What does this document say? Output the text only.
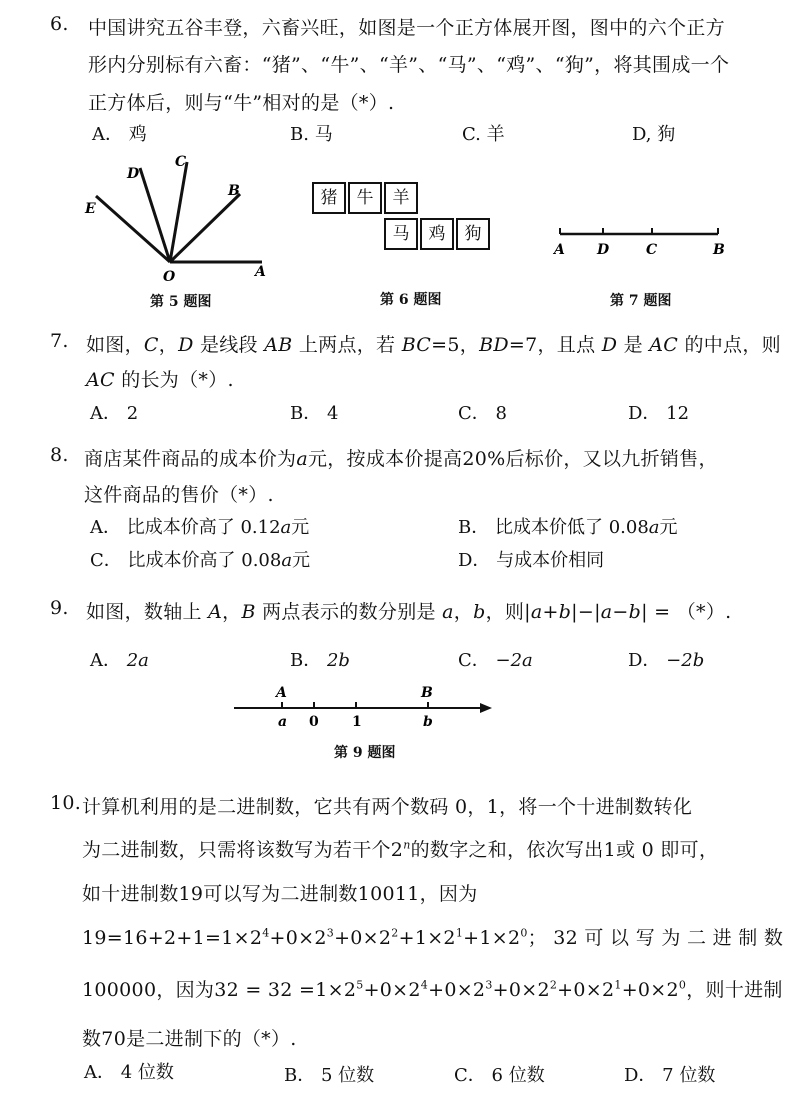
6. 中国讲究五谷丰登，六畜兴旺，如图是一个正方体展开图，图中的六个正方
形内分别标有六畜：“猪”、“牛”、“羊”、“马”、“鸡”、“狗”，将其围成一个
正方体后，则与“牛”相对的是（*）.
A． 鸡	B. 马	C. 羊	D, 狗
E
D
C
B
O	A
第 5 题图
猪	牛	羊
马	鸡	狗
第 6 题图
A D	C	B
第 7 题图
7. 如图，C，D 是线段 AB 上两点，若 BC=5，BD=7，且点 D 是 AC 的中点，则
AC 的长为（*）.
A． 2	B． 4	C． 8	D． 12
8. 商店某件商品的成本价为a元，按成本价提高20%后标价，又以九折销售，
这件商品的售价（*）.
A． 比成本价高了 0.12a元	B． 比成本价低了 0.08a元
C． 比成本价高了 0.08a元	D． 与成本价相同
9. 如图，数轴上 A，B 两点表示的数分别是 a，b，则|a+b|−|a−b| = （*）.
A． 2a	B． 2b	C． −2a	D． −2b
A	B
a 0 1	b
第 9 题图
10. 计算机利用的是二进制数，它共有两个数码 0，1，将一个十进制数转化
为二进制数，只需将该数写为若干个2$^n$的数字之和，依次写出1或 0 即可，
如十进制数19可以写为二进制数10011，因为
$19=16+2+1=1\times 2^4+0\times 2^3+0\times 2^2+1\times 2^1+1\times 2^0$； 32 可 以 写 为 二 进 制 数
100000，因为$32 = 32 =1\times 2^5+0\times 2^4+0\times 2^3+0\times 2^2+0\times 2^1+0\times 2^0$，则十进制
数70是二进制下的（*）.
A． 4 位数	B． 5 位数	C． 6 位数	D． 7 位数
